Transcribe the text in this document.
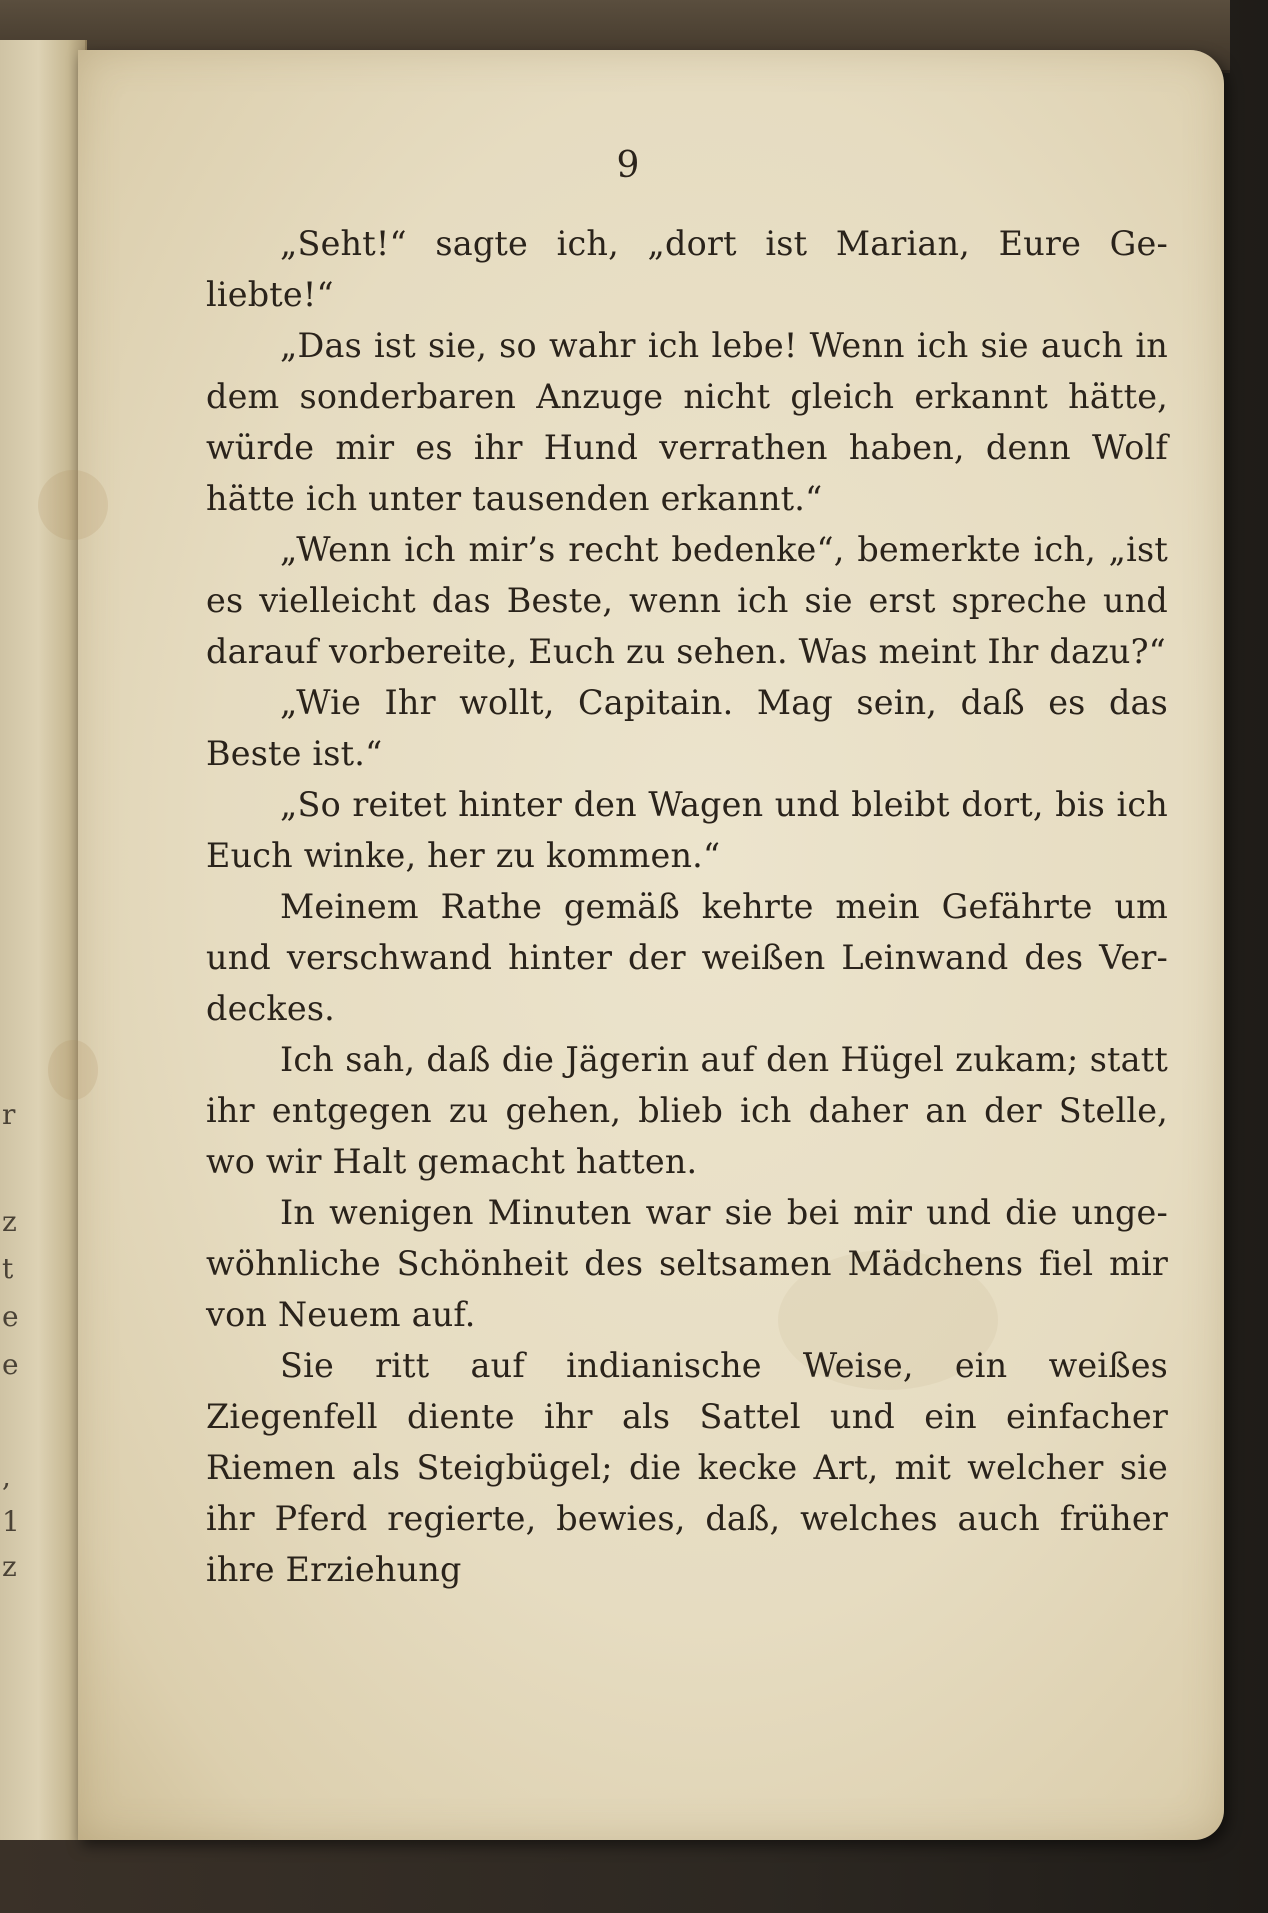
r
z
t
e
e
,
1
z
9

„Seht!“ sagte ich, „dort ist Marian, Eure Ge- liebte!“

„Das ist sie, so wahr ich lebe! Wenn ich sie auch in dem sonderbaren Anzuge nicht gleich erkannt hätte, würde mir es ihr Hund verrathen haben, denn Wolf hätte ich unter tausenden erkannt.“

„Wenn ich mir’s recht bedenke“, bemerkte ich, „ist es vielleicht das Beste, wenn ich sie erst spreche und darauf vorbereite, Euch zu sehen. Was meint Ihr dazu?“

„Wie Ihr wollt, Capitain. Mag sein, daß es das Beste ist.“

„So reitet hinter den Wagen und bleibt dort, bis ich Euch winke, her zu kommen.“

Meinem Rathe gemäß kehrte mein Gefährte um und verschwand hinter der weißen Leinwand des Ver- deckes.

Ich sah, daß die Jägerin auf den Hügel zukam; statt ihr entgegen zu gehen, blieb ich daher an der Stelle, wo wir Halt gemacht hatten.

In wenigen Minuten war sie bei mir und die unge- wöhnliche Schönheit des seltsamen Mädchens fiel mir von Neuem auf.

Sie ritt auf indianische Weise, ein weißes Ziegenfell diente ihr als Sattel und ein einfacher Riemen als Steigbügel; die kecke Art, mit welcher sie ihr Pferd regierte, bewies, daß, welches auch früher ihre Erziehung
